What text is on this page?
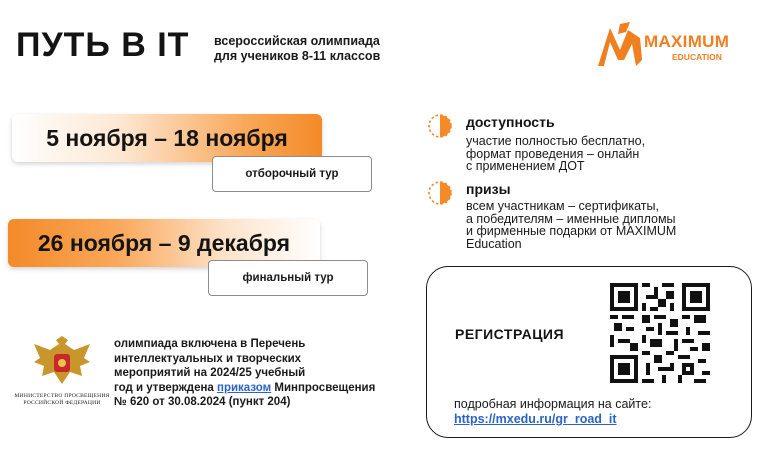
ПУТЬ В IT всероссийская олимпиада
для учеников 8-11 классов
MAXIMUM
EDUCATION
5 ноября – 18 ноября
отборочный тур
26 ноября – 9 декабря
финальный тур
доступность
участие полностью бесплатно,
формат проведения – онлайн
с применением ДОТ
призы
всем участникам – сертификаты,
а победителям – именные дипломы
и фирменные подарки от MAXIMUM
Education
МИНИСТЕРСТВО ПРОСВЕЩЕНИЯ
РОССИЙСКОЙ ФЕДЕРАЦИИ
олимпиада включена в Перечень
интеллектуальных и творческих
мероприятий на 2024/25 учебный
год и утверждена приказом Минпросвещения
№ 620 от 30.08.2024 (пункт 204)
РЕГИСТРАЦИЯ
подробная информация на сайте:
https://mxedu.ru/gr_road_it
